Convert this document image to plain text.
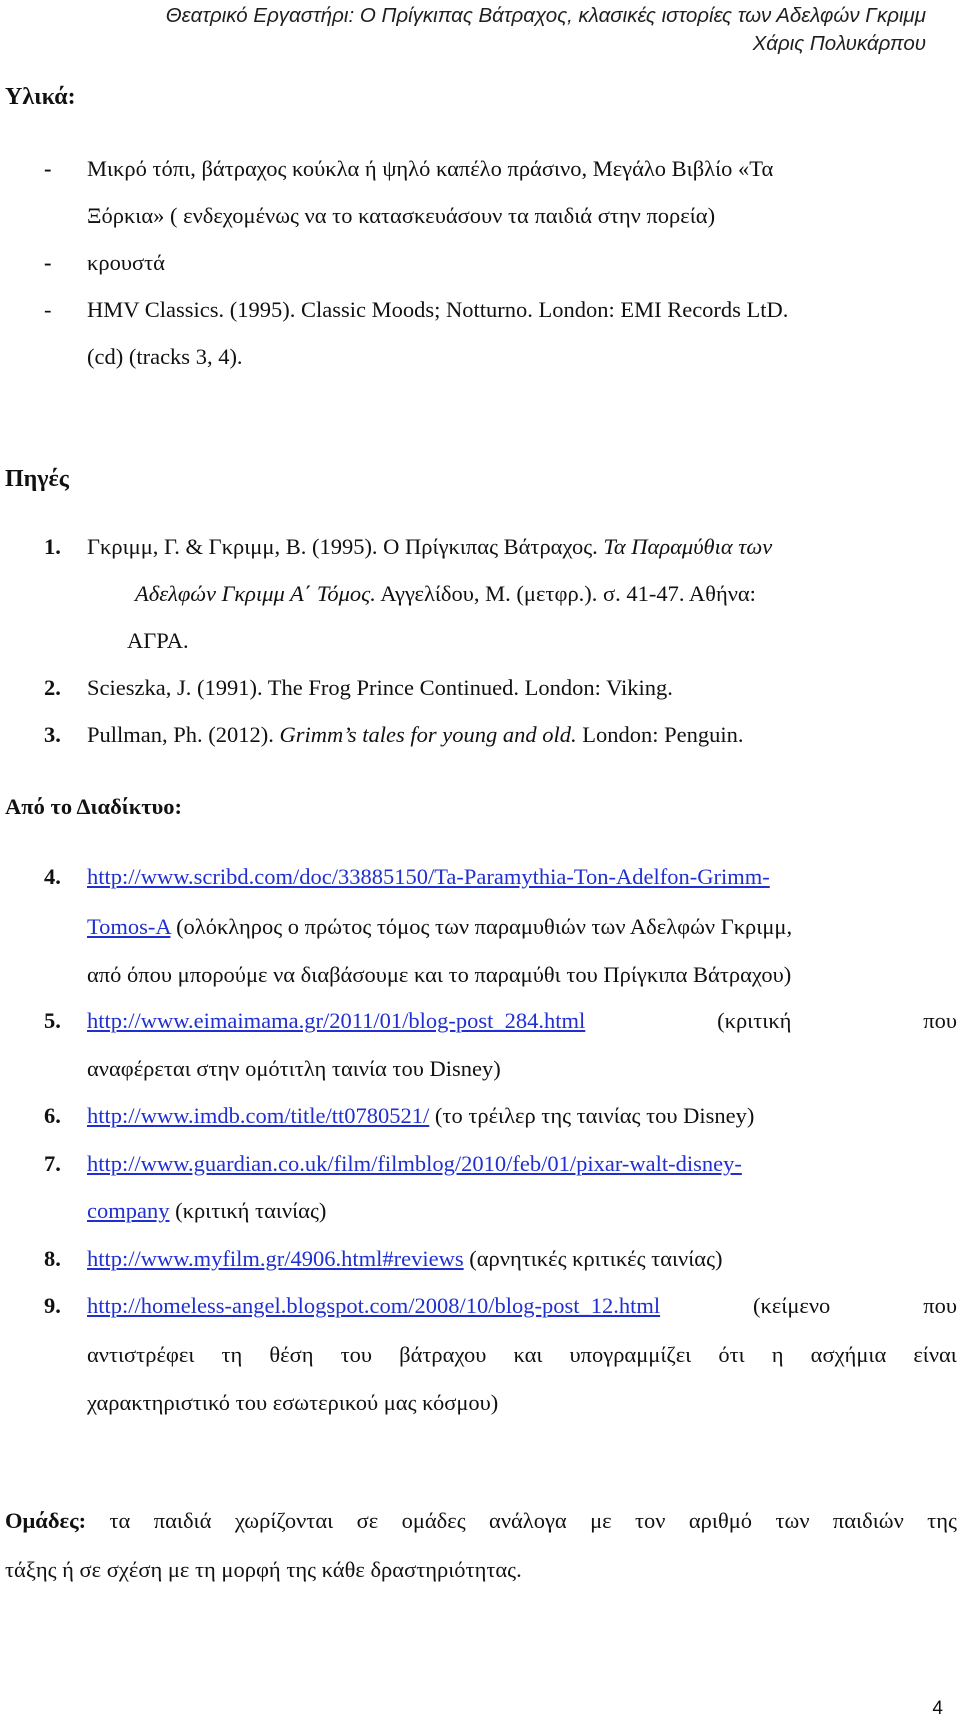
Θεατρικό Εργαστήρι: Ο Πρίγκιπας Βάτραχος, κλασικές ιστορίες των Αδελφών Γκριμμ
Χάρις Πολυκάρπου
Υλικά:
- Μικρό τόπι, βάτραχος κούκλα ή ψηλό καπέλο πράσινο, Μεγάλο Βιβλίο «Τα
Ξόρκια» ( ενδεχομένως να το κατασκευάσουν τα παιδιά στην πορεία)
- κρουστά
- HMV Classics. (1995). Classic Moods; Notturno. London: EMI Records LtD.
(cd) (tracks 3, 4).
Πηγές
1. Γκριμμ, Γ. & Γκριμμ, Β. (1995). Ο Πρίγκιπας Βάτραχος. Τα Παραμύθια των
Αδελφών Γκριμμ Α΄ Τόμος. Αγγελίδου, Μ. (μετφρ.). σ. 41-47. Αθήνα:
ΑΓΡΑ.
2. Scieszka, J. (1991). The Frog Prince Continued. London: Viking.
3. Pullman, Ph. (2012). Grimm’s tales for young and old. London: Penguin.
Από το Διαδίκτυο:
4. http://www.scribd.com/doc/33885150/Ta-Paramythia-Ton-Adelfon-Grimm-
Tomos-A (ολόκληρος ο πρώτος τόμος των παραμυθιών των Αδελφών Γκριμμ,
από όπου μπορούμε να διαβάσουμε και το παραμύθι του Πρίγκιπα Βάτραχου)
5. http://www.eimaimama.gr/2011/01/blog-post_284.html	(κριτική	που
αναφέρεται στην ομότιτλη ταινία του Disney)
6. http://www.imdb.com/title/tt0780521/ (το τρέιλερ της ταινίας του Disney)
7. http://www.guardian.co.uk/film/filmblog/2010/feb/01/pixar-walt-disney-
company (κριτική ταινίας)
8. http://www.myfilm.gr/4906.html#reviews (αρνητικές κριτικές ταινίας)
9. http://homeless-angel.blogspot.com/2008/10/blog-post_12.html	(κείμενο	που
αντιστρέφει τη θέση του βάτραχου και υπογραμμίζει ότι η ασχήμια είναι
χαρακτηριστικό του εσωτερικού μας κόσμου)
Ομάδες: τα παιδιά χωρίζονται σε ομάδες ανάλογα με τον αριθμό των παιδιών της
τάξης ή σε σχέση με τη μορφή της κάθε δραστηριότητας.
4
